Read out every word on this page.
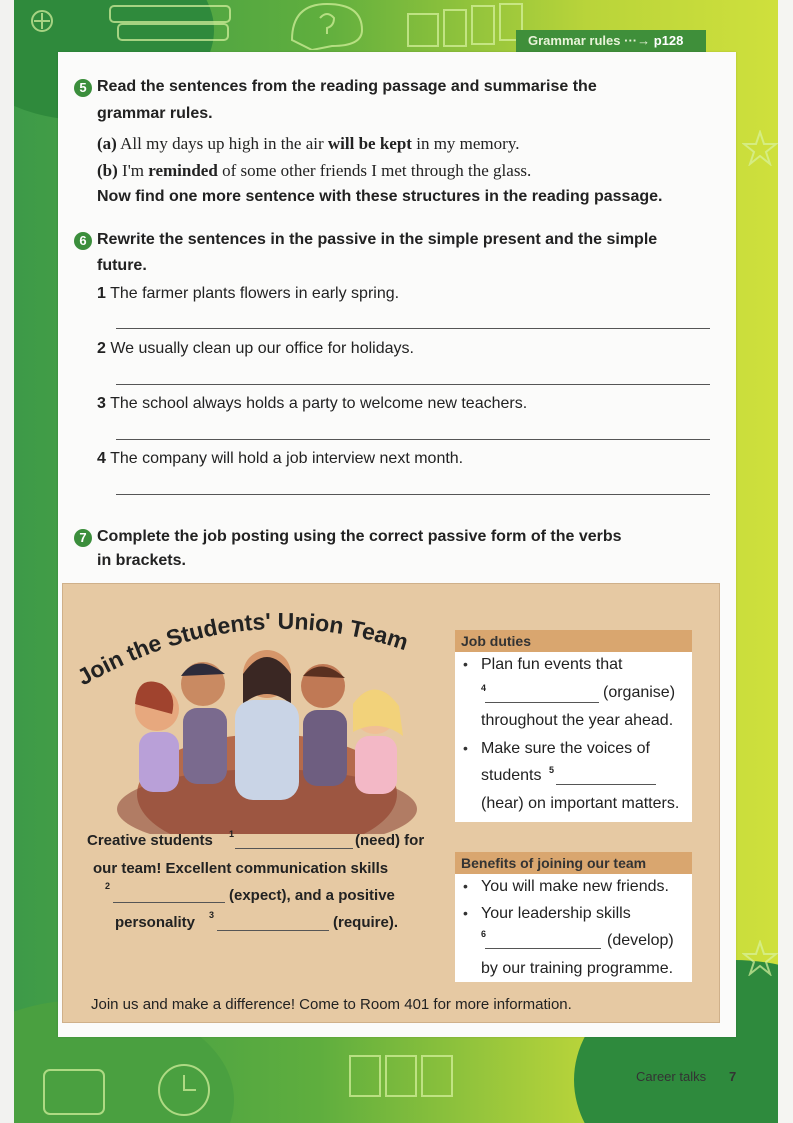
Grammar rules ···→ p128
5 Read the sentences from the reading passage and summarise the
grammar rules.
(a) All my days up high in the air will be kept in my memory.
(b) I'm reminded of some other friends I met through the glass.
Now find one more sentence with these structures in the reading passage.
6 Rewrite the sentences in the passive in the simple present and the simple
future.
1 The farmer plants flowers in early spring.
2 We usually clean up our office for holidays.
3 The school always holds a party to welcome new teachers.
4 The company will hold a job interview next month.
7 Complete the job posting using the correct passive form of the verbs
in brackets.
Join the Students' Union Team	Job duties
• Plan fun events that
4	(organise)
throughout the year ahead.
• Make sure the voices of
students 5
(hear) on important matters.
Benefits of joining our team
• You will make new friends.
• Your leadership skills
6	(develop)
by our training programme.
Creative students 1	(need) for
our team! Excellent communication skills
2
(expect), and a positive
personality 3	(require).
Join us and make a difference! Come to Room 401 for more information.
Career talks 7
